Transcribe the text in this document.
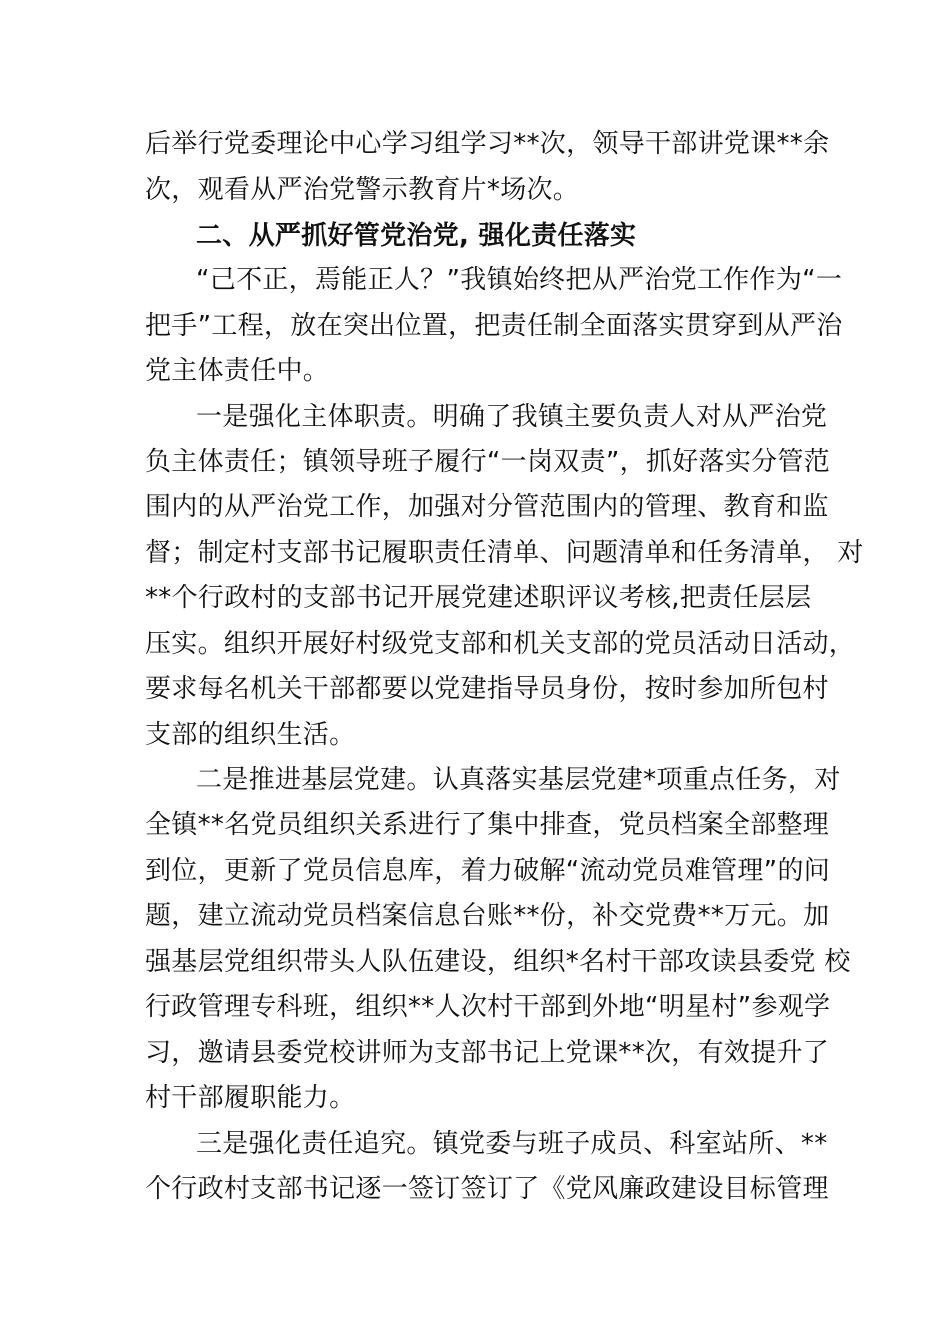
后举行党委理论中心学习组学习**次，领导干部讲党课**余
次，观看从严治党警示教育片*场次。
二、从严抓好管党治党, 强化责任落实
“己不正，焉能正人？”我镇始终把从严治党工作作为“一
把手”工程，放在突出位置，把责任制全面落实贯穿到从严治
党主体责任中。
一是强化主体职责。明确了我镇主要负责人对从严治党
负主体责任；镇领导班子履行“一岗双责”，抓好落实分管范
围内的从严治党工作，加强对分管范围内的管理、教育和监
督；制定村支部书记履职责任清单、问题清单和任务清单， 对
**个行政村的支部书记开展党建述职评议考核,把责任层层
压实。组织开展好村级党支部和机关支部的党员活动日活动，
要求每名机关干部都要以党建指导员身份，按时参加所包村
支部的组织生活。
二是推进基层党建。认真落实基层党建*项重点任务，对
全镇**名党员组织关系进行了集中排查，党员档案全部整理
到位，更新了党员信息库，着力破解“流动党员难管理”的问
题，建立流动党员档案信息台账**份，补交党费**万元。加
强基层党组织带头人队伍建设，组织*名村干部攻读县委党 校
行政管理专科班，组织**人次村干部到外地“明星村”参观学
习，邀请县委党校讲师为支部书记上党课**次，有效提升了
村干部履职能力。
三是强化责任追究。镇党委与班子成员、科室站所、**
个行政村支部书记逐一签订签订了《党风廉政建设目标管理
